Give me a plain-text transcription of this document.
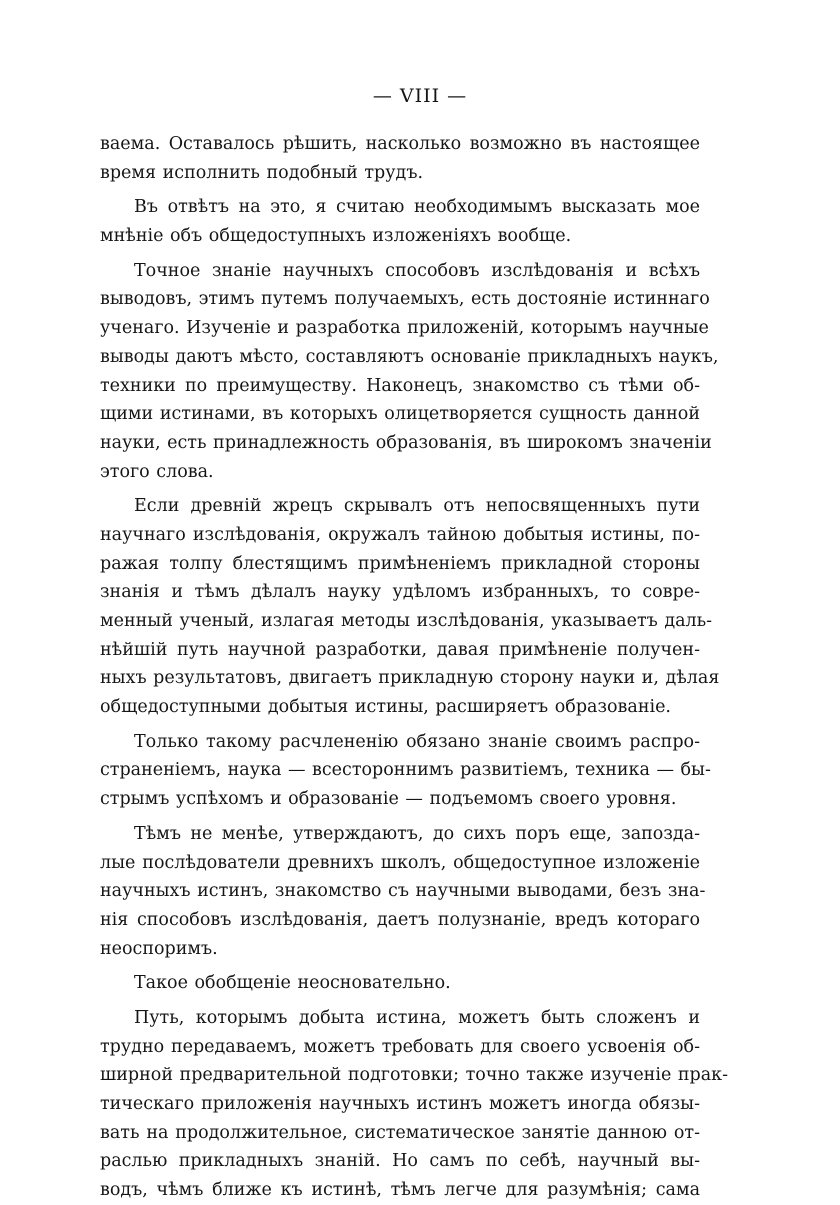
— VIII —
ваема. Оставалось рѣшить, насколько возможно въ настоящее
время исполнить подобный трудъ.
Въ отвѣтъ на это, я считаю необходимымъ высказать мое
мнѣніе объ общедоступныхъ изложеніяхъ вообще.
Точное знаніе научныхъ способовъ изслѣдованія и всѣхъ
выводовъ, этимъ путемъ получаемыхъ, есть достояніе истиннаго
ученаго. Изученіе и разработка приложеній, которымъ научные
выводы даютъ мѣсто, составляютъ основаніе прикладныхъ наукъ,
техники по преимуществу. Наконецъ, знакомство съ тѣми об-
щими истинами, въ которыхъ олицетворяется сущность данной
науки, есть принадлежность образованія, въ широкомъ значеніи
этого слова.
Если древній жрецъ скрывалъ отъ непосвященныхъ пути
научнаго изслѣдованія, окружалъ тайною добытыя истины, по-
ражая толпу блестящимъ примѣненіемъ прикладной стороны
знанія и тѣмъ дѣлалъ науку удѣломъ избранныхъ, то совре-
менный ученый, излагая методы изслѣдованія, указываетъ даль-
нѣйшій путь научной разработки, давая примѣненіе получен-
ныхъ результатовъ, двигаетъ прикладную сторону науки и, дѣлая
общедоступными добытыя истины, расширяетъ образованіе.
Только такому расчлененію обязано знаніе своимъ распро-
страненіемъ, наука — всестороннимъ развитіемъ, техника — бы-
стрымъ успѣхомъ и образованіе — подъемомъ своего уровня.
Тѣмъ не менѣе, утверждаютъ, до сихъ поръ еще, запозда-
лые послѣдователи древнихъ школъ, общедоступное изложеніе
научныхъ истинъ, знакомство съ научными выводами, безъ зна-
нія способовъ изслѣдованія, даетъ полузнаніе, вредъ котораго
неоспоримъ.
Такое обобщеніе неосновательно.
Путь, которымъ добыта истина, можетъ быть сложенъ и
трудно передаваемъ, можетъ требовать для своего усвоенія об-
ширной предварительной подготовки; точно также изученіе прак-
тическаго приложенія научныхъ истинъ можетъ иногда обязы-
вать на продолжительное, систематическое занятіе данною от-
раслью прикладныхъ знаній. Но самъ по себѣ, научный вы-
водъ, чѣмъ ближе къ истинѣ, тѣмъ легче для разумѣнія; сама
